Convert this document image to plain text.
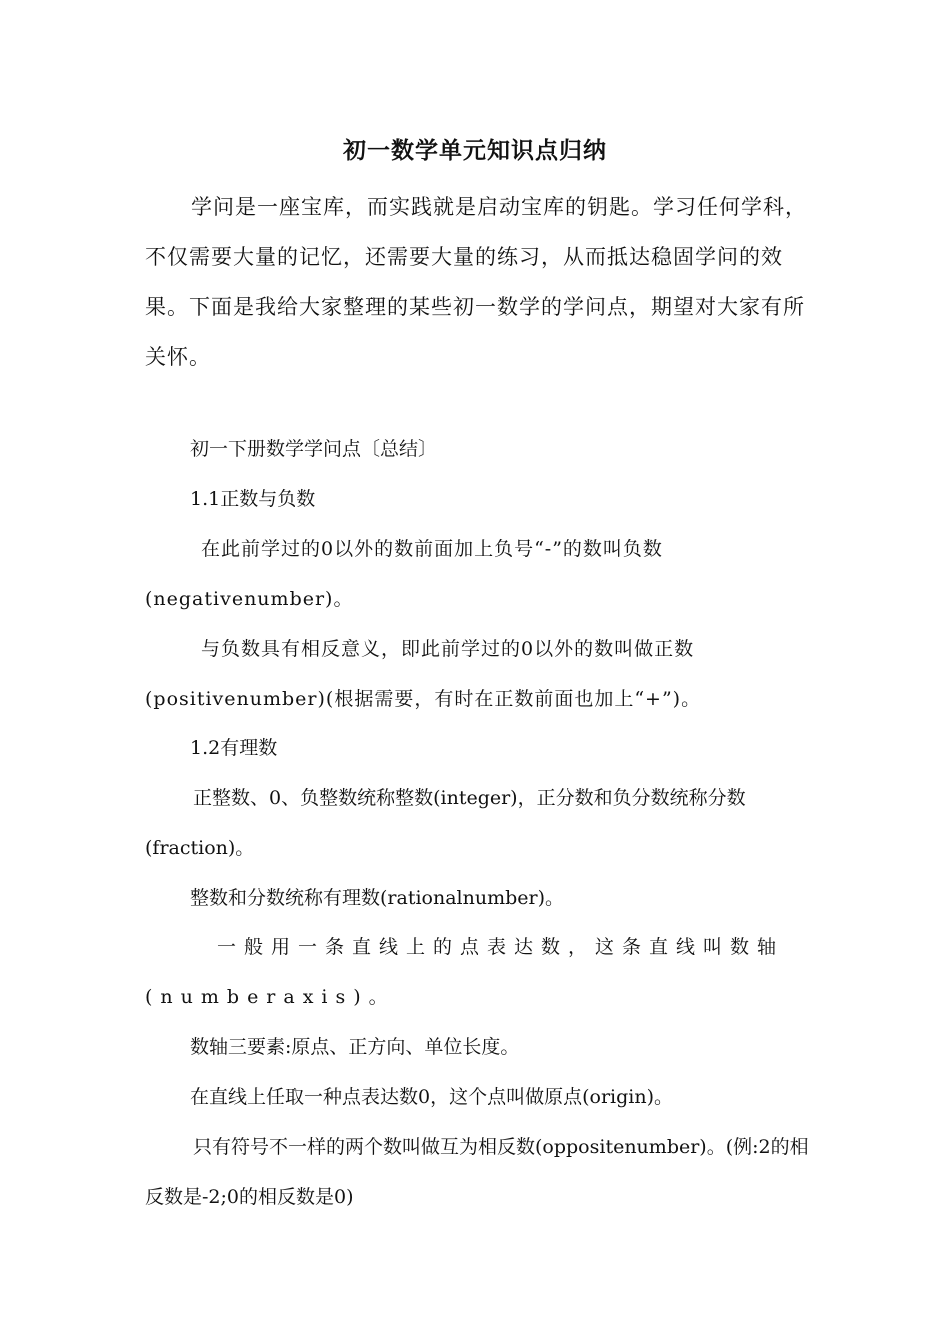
初一数学单元知识点归纳

学问是一座宝库，而实践就是启动宝库的钥匙。学习任何学科，不仅需要大量的记忆，还需要大量的练习，从而抵达稳固学问的效果。下面是我给大家整理的某些初一数学的学问点，期望对大家有所关怀。

初一下册数学学问点〔总结〕

1.1正数与负数

在此前学过的0以外的数前面加上负号“-”的数叫负数(negativenumber)。

与负数具有相反意义，即此前学过的0以外的数叫做正数(positivenumber)(根据需要，有时在正数前面也加上“+”)。

1.2有理数

正整数、0、负整数统称整数(integer)，正分数和负分数统称分数(fraction)。

整数和分数统称有理数(rationalnumber)。

一般用一条直线上的点表达数，这条直线叫数轴(numberaxis)。

数轴三要素:原点、正方向、单位长度。

在直线上任取一种点表达数0，这个点叫做原点(origin)。

只有符号不一样的两个数叫做互为相反数(oppositenumber)。(例:2的相反数是-2;0的相反数是0)
